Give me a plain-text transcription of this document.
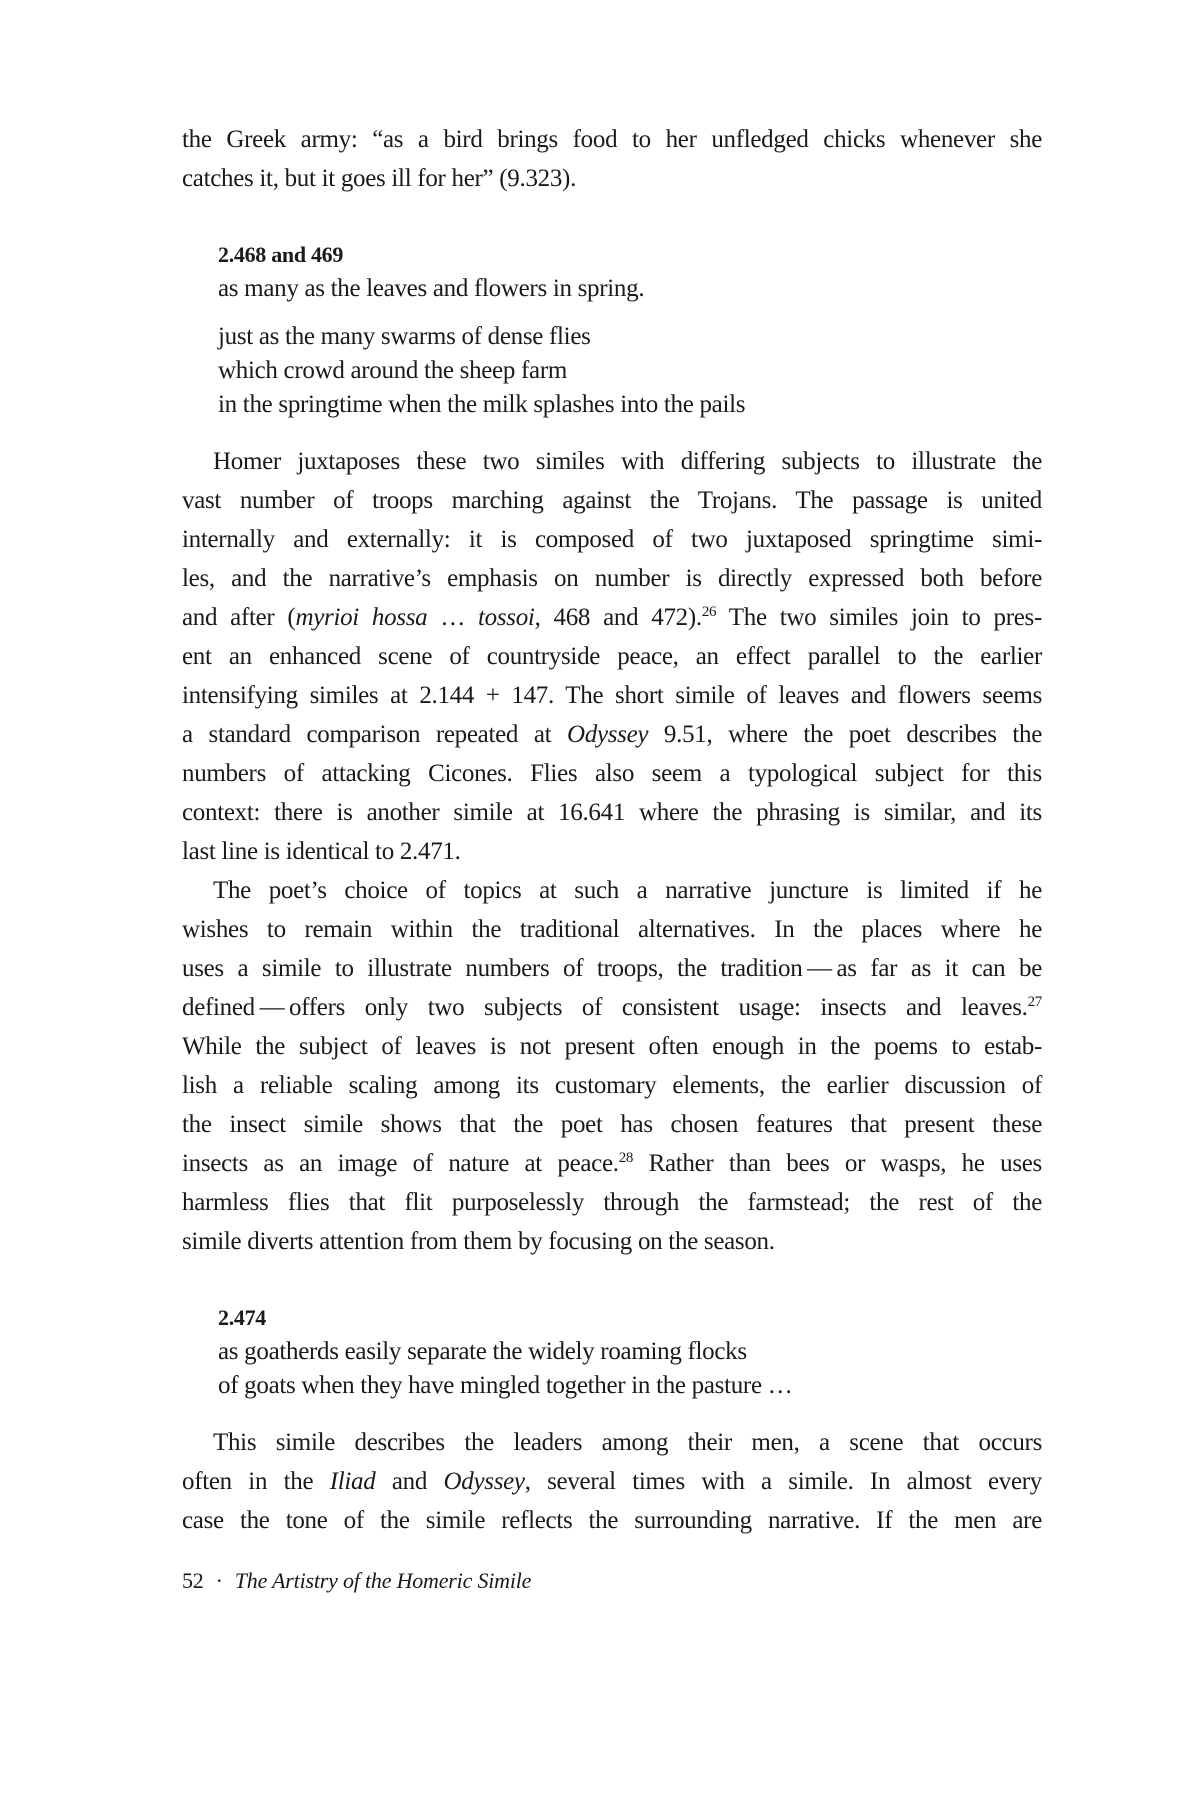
the Greek army: “as a bird brings food to her unfledged chicks whenever she
catches it, but it goes ill for her” (9.323).
2.468 and 469
as many as the leaves and flowers in spring.
just as the many swarms of dense flies
which crowd around the sheep farm
in the springtime when the milk splashes into the pails
Homer juxtaposes these two similes with differing subjects to illustrate the
vast number of troops marching against the Trojans. The passage is united
internally and externally: it is composed of two juxtaposed springtime simi-
les, and the narrative’s emphasis on number is directly expressed both before
and after (myrioi hossa … tossoi, 468 and 472).$^{26}$ The two similes join to pres-
ent an enhanced scene of countryside peace, an effect parallel to the earlier
intensifying similes at 2.144 + 147. The short simile of leaves and flowers seems
a standard comparison repeated at Odyssey 9.51, where the poet describes the
numbers of attacking Cicones. Flies also seem a typological subject for this
context: there is another simile at 16.641 where the phrasing is similar, and its
last line is identical to 2.471.
The poet’s choice of topics at such a narrative juncture is limited if he
wishes to remain within the traditional alternatives. In the places where he
uses a simile to illustrate numbers of troops, the tradition — as far as it can be
defined — offers only two subjects of consistent usage: insects and leaves.$^{27}$
While the subject of leaves is not present often enough in the poems to estab-
lish a reliable scaling among its customary elements, the earlier discussion of
the insect simile shows that the poet has chosen features that present these
insects as an image of nature at peace.$^{28}$ Rather than bees or wasps, he uses
harmless flies that flit purposelessly through the farmstead; the rest of the
simile diverts attention from them by focusing on the season.
2.474
as goatherds easily separate the widely roaming flocks
of goats when they have mingled together in the pasture …
This simile describes the leaders among their men, a scene that occurs
often in the Iliad and Odyssey, several times with a simile. In almost every
case the tone of the simile reflects the surrounding narrative. If the men are
52 · The Artistry of the Homeric Simile
